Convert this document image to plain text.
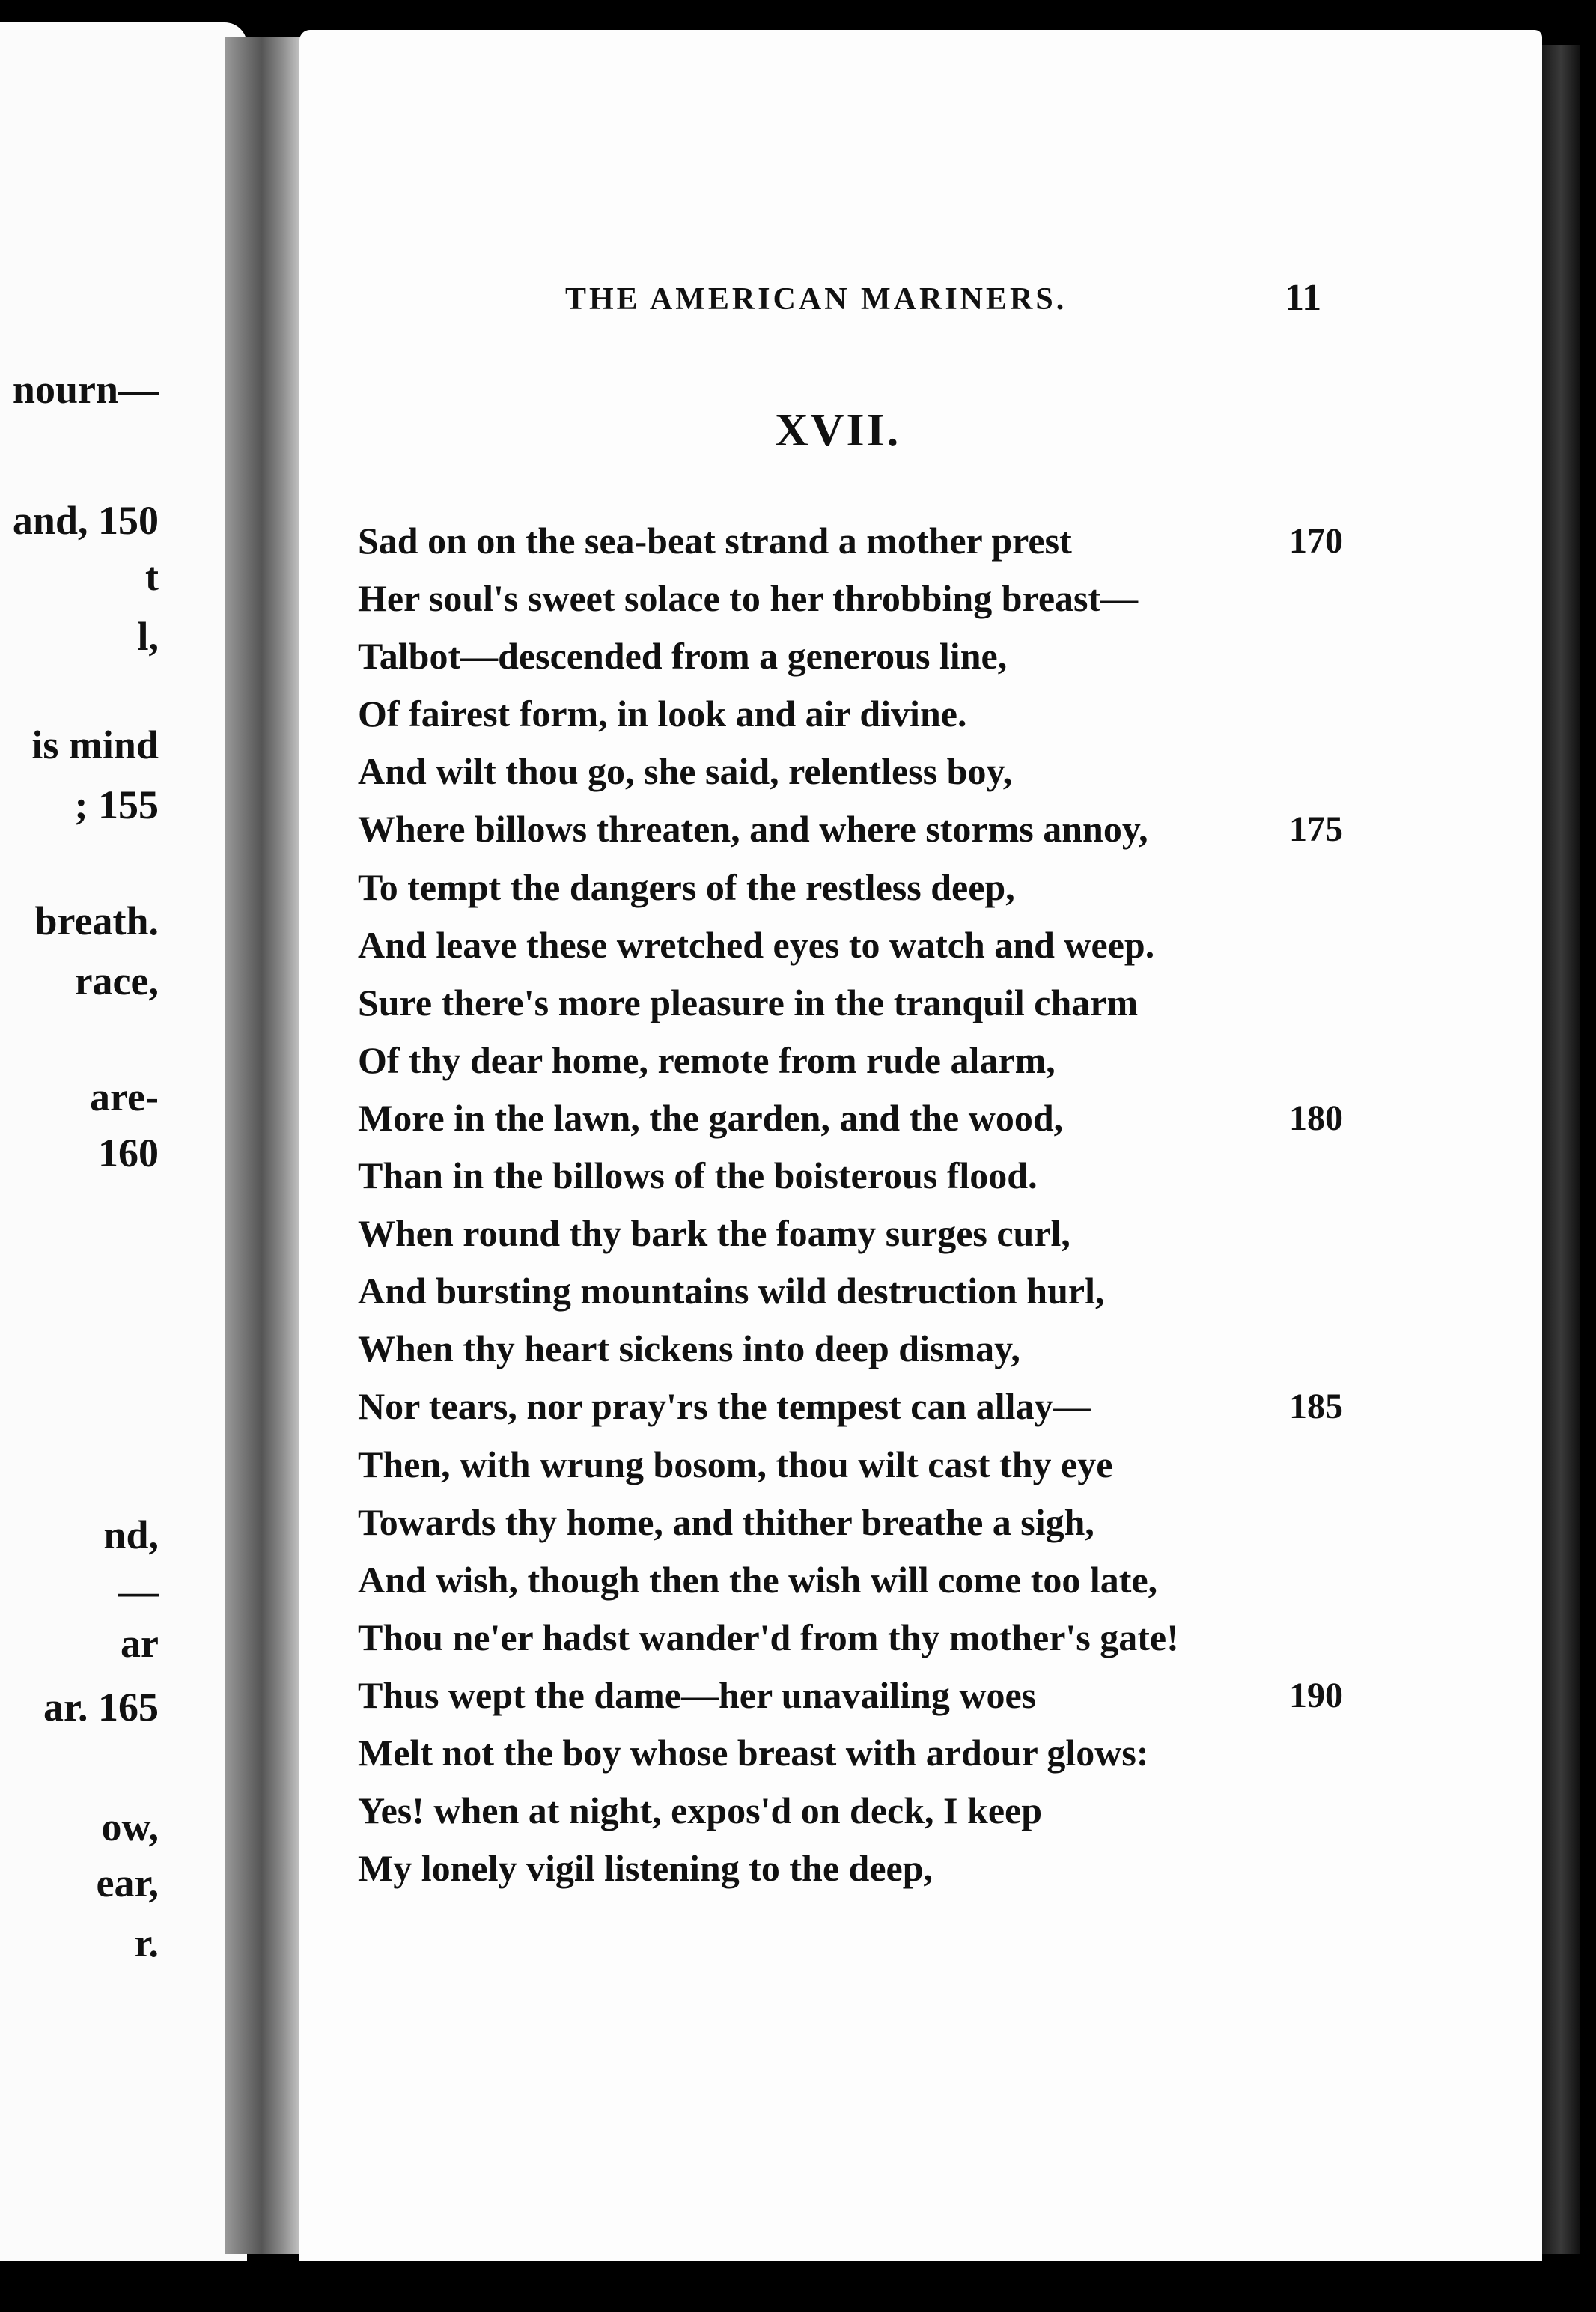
nourn—
and, 150
t
l,
is mind
; 155
breath.
race,
are-
160
nd,
—
ar
ar. 165
ow,
ear,
r.
THE AMERICAN MARINERS.	11
XVII.
Sad on on the sea-beat strand a mother prest	170
Her soul's sweet solace to her throbbing breast—
Talbot—descended from a generous line,
Of fairest form, in look and air divine.
And wilt thou go, she said, relentless boy,
Where billows threaten, and where storms annoy,	175
To tempt the dangers of the restless deep,
And leave these wretched eyes to watch and weep.
Sure there's more pleasure in the tranquil charm
Of thy dear home, remote from rude alarm,
More in the lawn, the garden, and the wood,	180
Than in the billows of the boisterous flood.
When round thy bark the foamy surges curl,
And bursting mountains wild destruction hurl,
When thy heart sickens into deep dismay,
Nor tears, nor pray'rs the tempest can allay—	185
Then, with wrung bosom, thou wilt cast thy eye
Towards thy home, and thither breathe a sigh,
And wish, though then the wish will come too late,
Thou ne'er hadst wander'd from thy mother's gate!
Thus wept the dame—her unavailing woes	190
Melt not the boy whose breast with ardour glows:
Yes! when at night, expos'd on deck, I keep
My lonely vigil listening to the deep,
